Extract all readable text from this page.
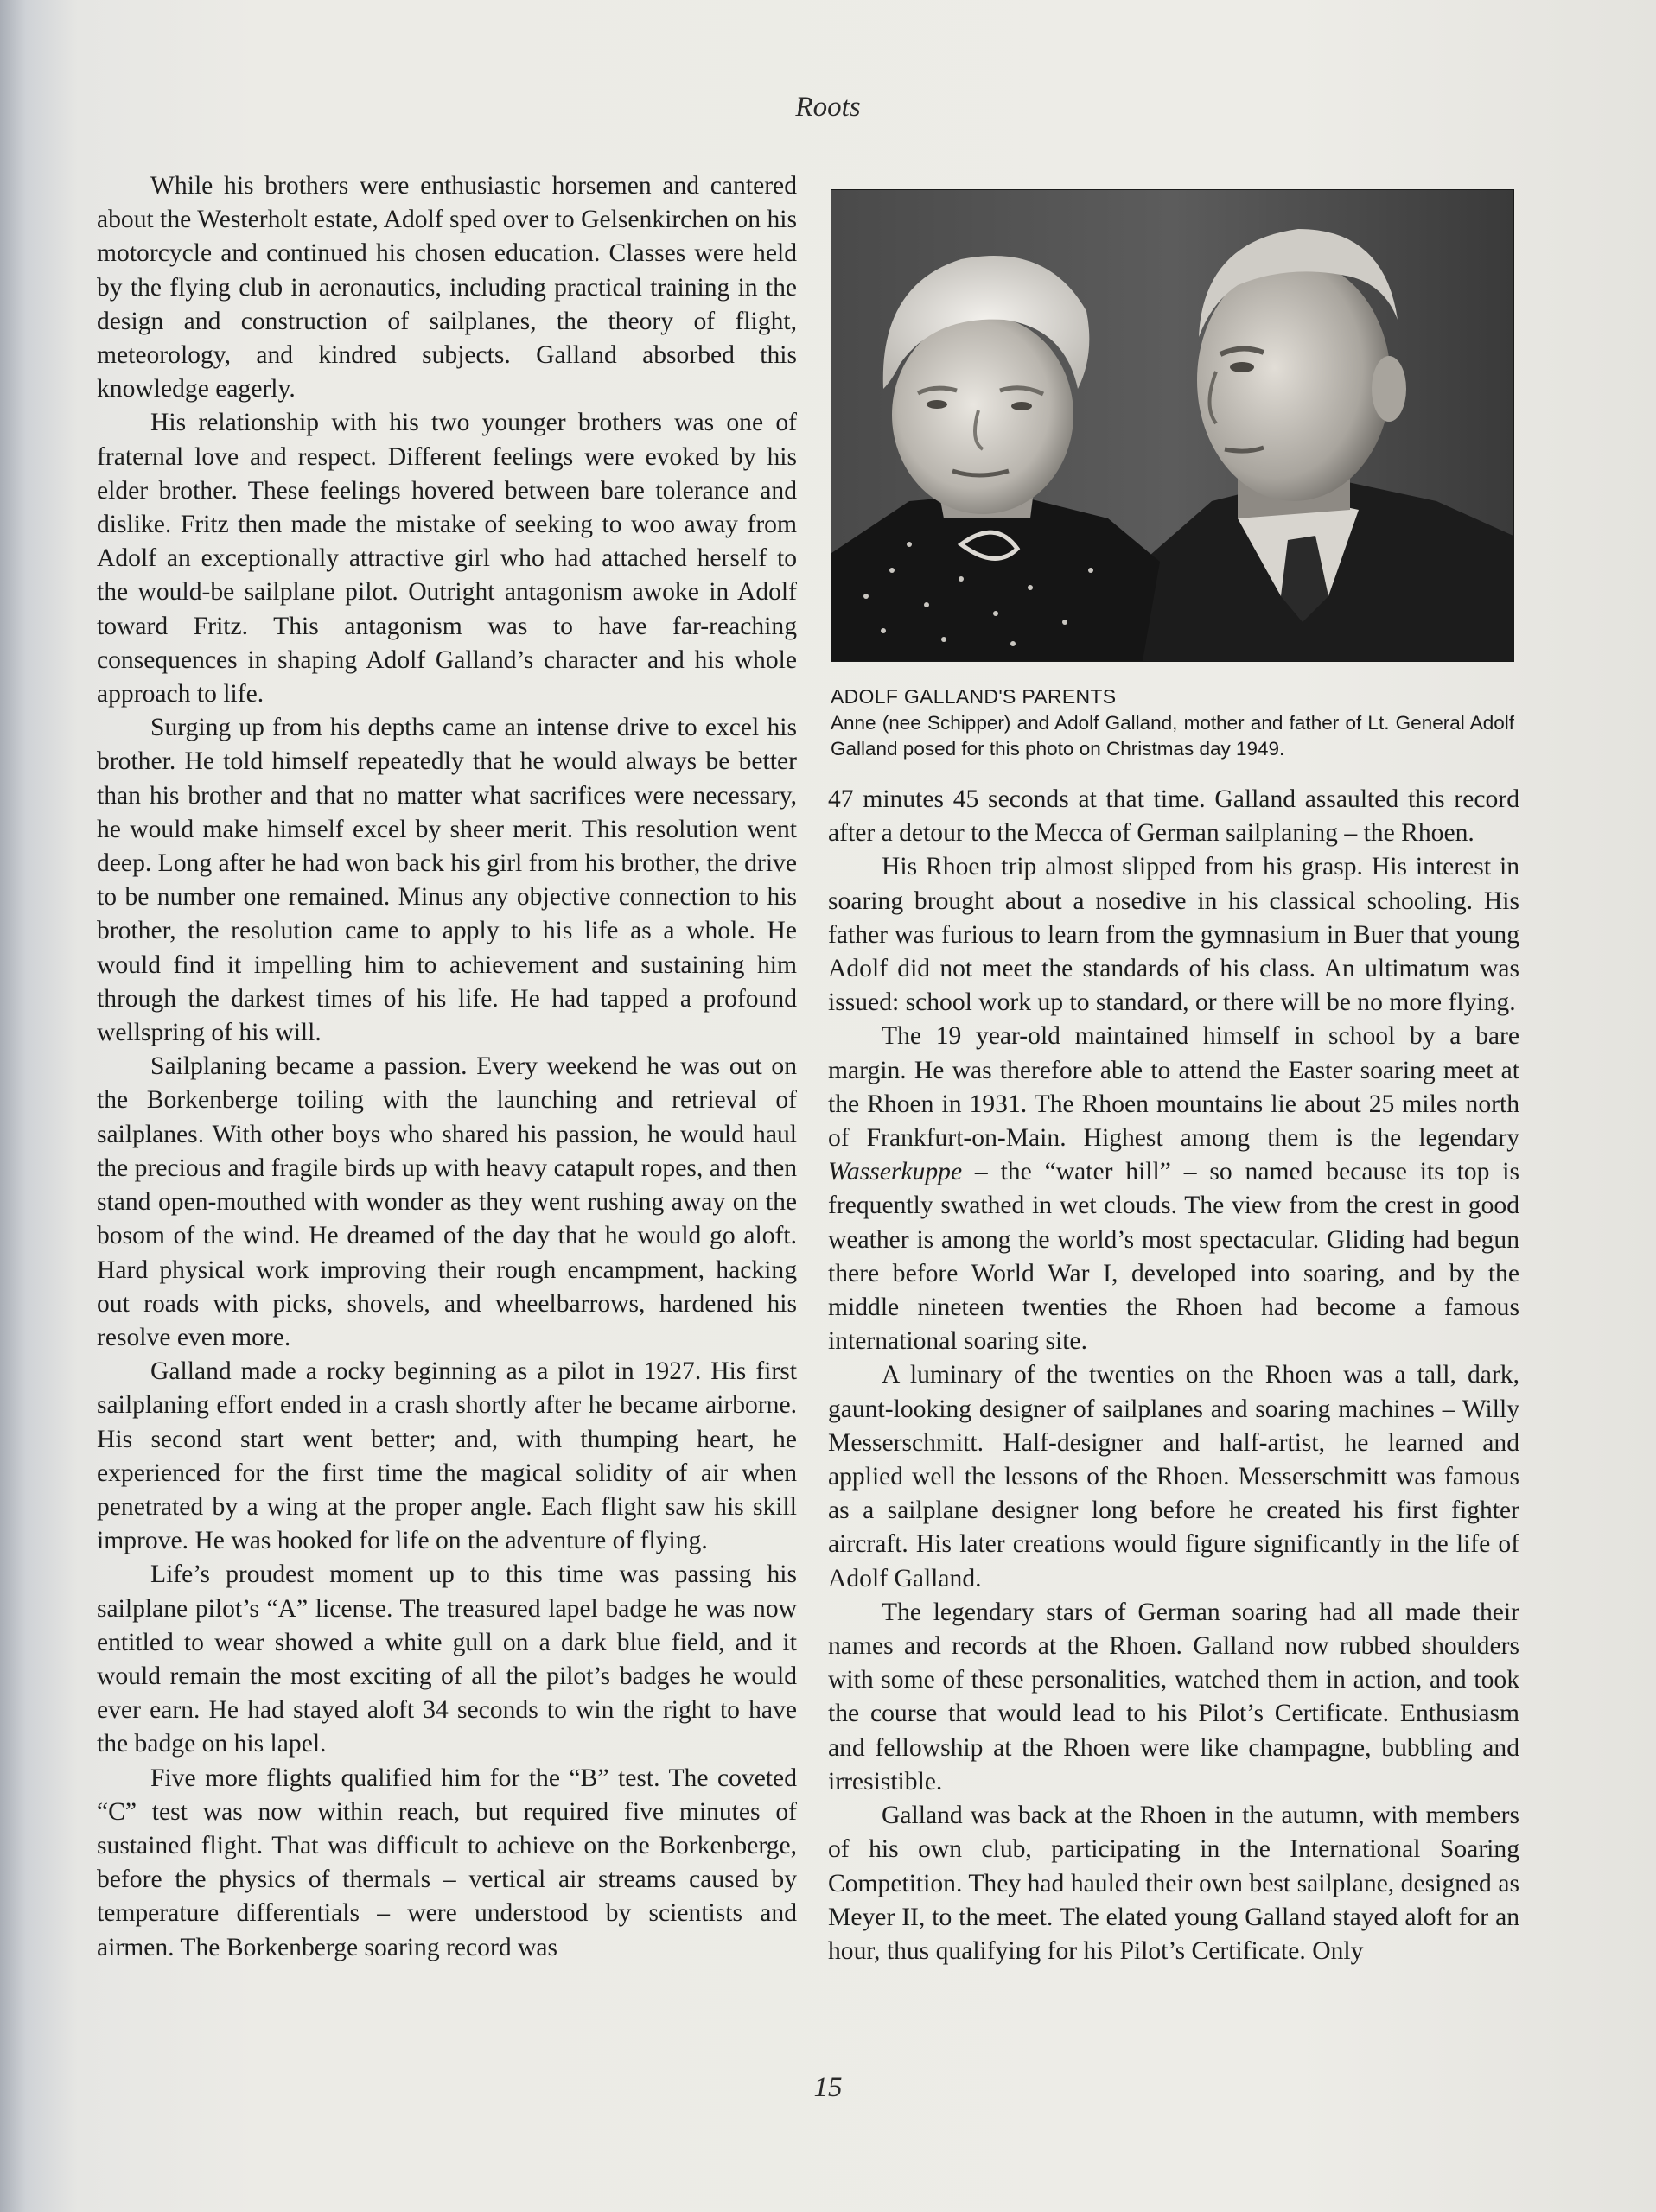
Roots

While his brothers were enthusiastic horsemen and cantered about the Westerholt estate, Adolf sped over to Gelsenkirchen on his motorcycle and continued his chosen education. Classes were held by the flying club in aeronautics, including practical training in the design and construction of sailplanes, the theory of flight, meteorology, and kindred subjects. Galland absorbed this knowledge eagerly.

His relationship with his two younger brothers was one of fraternal love and respect. Different feelings were evoked by his elder brother. These feelings hovered between bare tolerance and dislike. Fritz then made the mistake of seeking to woo away from Adolf an exceptionally attractive girl who had attached herself to the would-be sailplane pilot. Outright antagonism awoke in Adolf toward Fritz. This antagonism was to have far-reaching consequences in shaping Adolf Galland’s character and his whole approach to life.

Surging up from his depths came an intense drive to excel his brother. He told himself repeatedly that he would always be better than his brother and that no matter what sacrifices were necessary, he would make himself excel by sheer merit. This resolution went deep. Long after he had won back his girl from his brother, the drive to be number one remained. Minus any objective connection to his brother, the resolution came to apply to his life as a whole. He would find it impelling him to achievement and sustaining him through the darkest times of his life. He had tapped a profound wellspring of his will.

Sailplaning became a passion. Every weekend he was out on the Borkenberge toiling with the launching and retrieval of sailplanes. With other boys who shared his passion, he would haul the precious and fragile birds up with heavy catapult ropes, and then stand open-mouthed with wonder as they went rushing away on the bosom of the wind. He dreamed of the day that he would go aloft. Hard physical work improving their rough encampment, hacking out roads with picks, shovels, and wheelbarrows, hardened his resolve even more.

Galland made a rocky beginning as a pilot in 1927. His first sailplaning effort ended in a crash shortly after he became airborne. His second start went better; and, with thumping heart, he experienced for the first time the magical solidity of air when penetrated by a wing at the proper angle. Each flight saw his skill improve. He was hooked for life on the adventure of flying.

Life’s proudest moment up to this time was passing his sailplane pilot’s “A” license. The treasured lapel badge he was now entitled to wear showed a white gull on a dark blue field, and it would remain the most exciting of all the pilot’s badges he would ever earn. He had stayed aloft 34 seconds to win the right to have the badge on his lapel.

Five more flights qualified him for the “B” test. The coveted “C” test was now within reach, but required five minutes of sustained flight. That was difficult to achieve on the Borkenberge, before the physics of thermals – vertical air streams caused by temperature differentials – were understood by scientists and airmen. The Borkenberge soaring record was

ADOLF GALLAND'S PARENTS
Anne (nee Schipper) and Adolf Galland, mother and father of Lt. General Adolf Galland posed for this photo on Christmas day 1949.

47 minutes 45 seconds at that time. Galland assaulted this record after a detour to the Mecca of German sailplaning – the Rhoen.

His Rhoen trip almost slipped from his grasp. His interest in soaring brought about a nosedive in his classical schooling. His father was furious to learn from the gymnasium in Buer that young Adolf did not meet the standards of his class. An ultimatum was issued: school work up to standard, or there will be no more flying.

The 19 year-old maintained himself in school by a bare margin. He was therefore able to attend the Easter soaring meet at the Rhoen in 1931. The Rhoen mountains lie about 25 miles north of Frankfurt-on-Main. Highest among them is the legendary Wasserkuppe – the “water hill” – so named because its top is frequently swathed in wet clouds. The view from the crest in good weather is among the world’s most spectacular. Gliding had begun there before World War I, developed into soaring, and by the middle nineteen twenties the Rhoen had become a famous international soaring site.

A luminary of the twenties on the Rhoen was a tall, dark, gaunt-looking designer of sailplanes and soaring machines – Willy Messerschmitt. Half-designer and half-artist, he learned and applied well the lessons of the Rhoen. Messerschmitt was famous as a sailplane designer long before he created his first fighter aircraft. His later creations would figure significantly in the life of Adolf Galland.

The legendary stars of German soaring had all made their names and records at the Rhoen. Galland now rubbed shoulders with some of these personalities, watched them in action, and took the course that would lead to his Pilot’s Certificate. Enthusiasm and fellowship at the Rhoen were like champagne, bubbling and irresistible.

Galland was back at the Rhoen in the autumn, with members of his own club, participating in the International Soaring Competition. They had hauled their own best sailplane, designed as Meyer II, to the meet. The elated young Galland stayed aloft for an hour, thus qualifying for his Pilot’s Certificate. Only

15
